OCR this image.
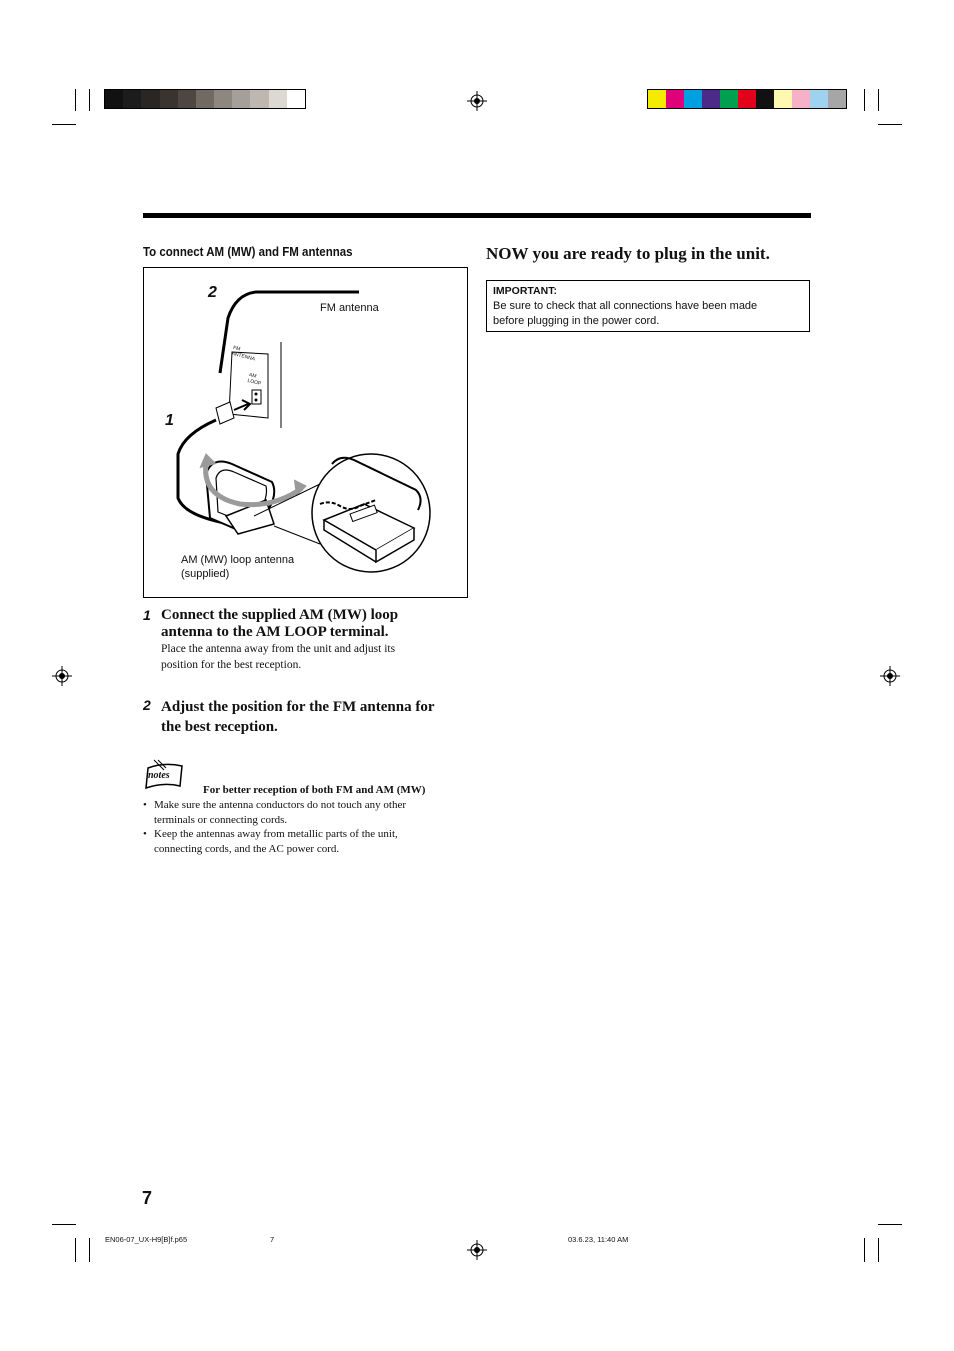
To connect AM (MW) and FM antennas
2
1
FM antenna
FM ANTENNA
AM LOOP
AM (MW) loop antenna
(supplied)
1 Connect the supplied AM (MW) loop
antenna to the AM LOOP terminal.
Place the antenna away from the unit and adjust its
position for the best reception.
2 Adjust the position for the FM antenna for
the best reception.
notes
For better reception of both FM and AM (MW)
• Make sure the antenna conductors do not touch any other
terminals or connecting cords.
• Keep the antennas away from metallic parts of the unit,
connecting cords, and the AC power cord.
NOW you are ready to plug in the unit.
IMPORTANT:
Be sure to check that all connections have been made
before plugging in the power cord.
7
EN06-07_UX-H9[B]f.p65	7	03.6.23, 11:40 AM
